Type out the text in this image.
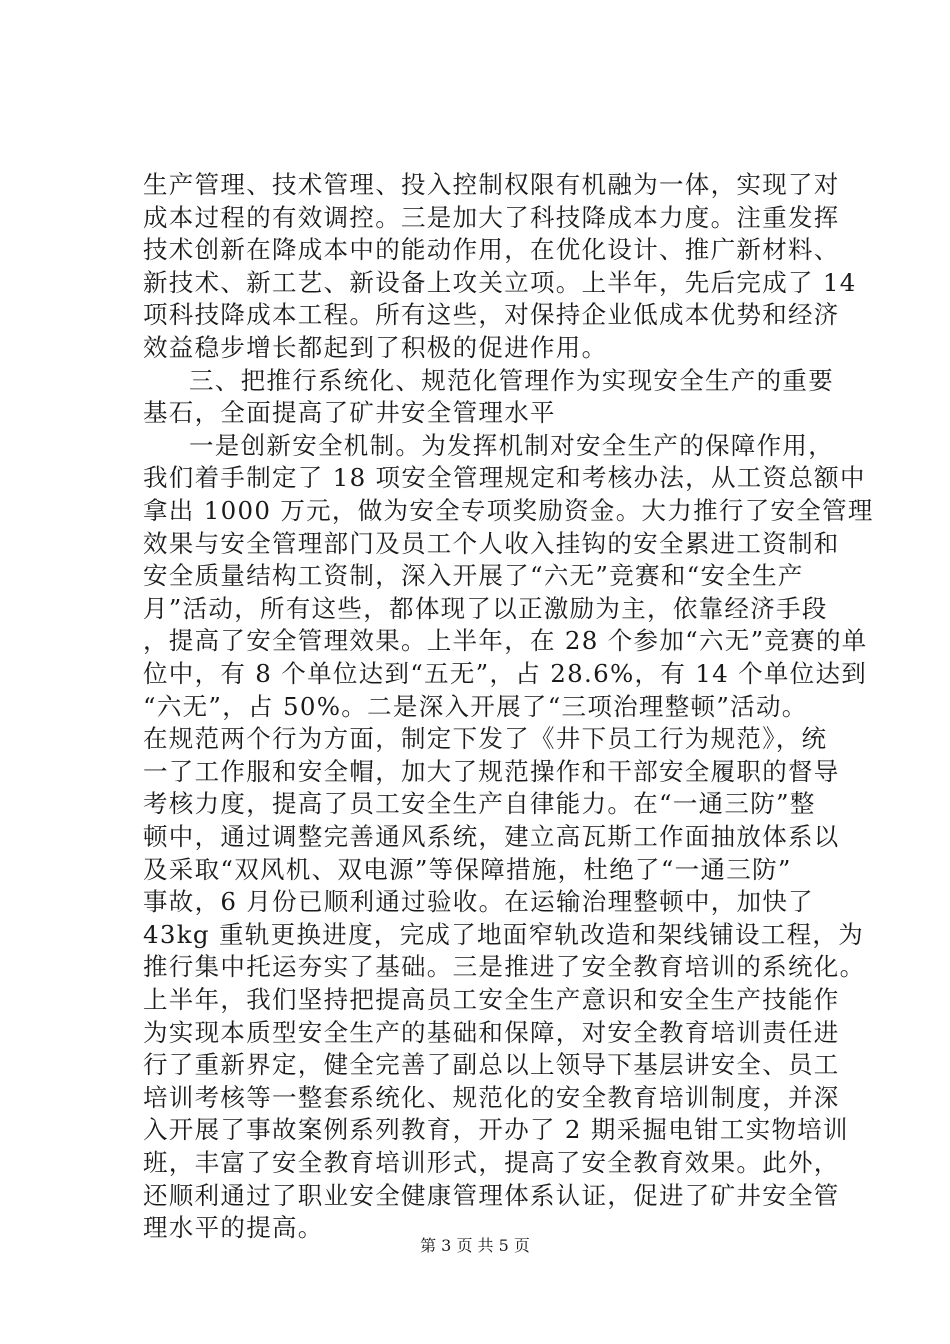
生产管理、技术管理、投入控制权限有机融为一体，实现了对
成本过程的有效调控。三是加大了科技降成本力度。注重发挥
技术创新在降成本中的能动作用，在优化设计、推广新材料、
新技术、新工艺、新设备上攻关立项。上半年，先后完成了 14
项科技降成本工程。所有这些，对保持企业低成本优势和经济
效益稳步增长都起到了积极的促进作用。
三、把推行系统化、规范化管理作为实现安全生产的重要
基石，全面提高了矿井安全管理水平
一是创新安全机制。为发挥机制对安全生产的保障作用，
我们着手制定了 18 项安全管理规定和考核办法，从工资总额中
拿出 1000 万元，做为安全专项奖励资金。大力推行了安全管理
效果与安全管理部门及员工个人收入挂钩的安全累进工资制和
安全质量结构工资制，深入开展了“六无”竞赛和“安全生产
月”活动，所有这些，都体现了以正激励为主，依靠经济手段
，提高了安全管理效果。上半年，在 28 个参加“六无”竞赛的单
位中，有 8 个单位达到“五无”，占 28.6%，有 14 个单位达到
“六无”，占 50%。二是深入开展了“三项治理整顿”活动。
在规范两个行为方面，制定下发了《井下员工行为规范》，统
一了工作服和安全帽，加大了规范操作和干部安全履职的督导
考核力度，提高了员工安全生产自律能力。在“一通三防”整
顿中，通过调整完善通风系统，建立高瓦斯工作面抽放体系以
及采取“双风机、双电源”等保障措施，杜绝了“一通三防”
事故，6 月份已顺利通过验收。在运输治理整顿中，加快了
43kg 重轨更换进度，完成了地面窄轨改造和架线铺设工程，为
推行集中托运夯实了基础。三是推进了安全教育培训的系统化。
上半年，我们坚持把提高员工安全生产意识和安全生产技能作
为实现本质型安全生产的基础和保障，对安全教育培训责任进
行了重新界定，健全完善了副总以上领导下基层讲安全、员工
培训考核等一整套系统化、规范化的安全教育培训制度，并深
入开展了事故案例系列教育，开办了 2 期采掘电钳工实物培训
班，丰富了安全教育培训形式，提高了安全教育效果。此外，
还顺利通过了职业安全健康管理体系认证，促进了矿井安全管
理水平的提高。
第 3 页 共 5 页
